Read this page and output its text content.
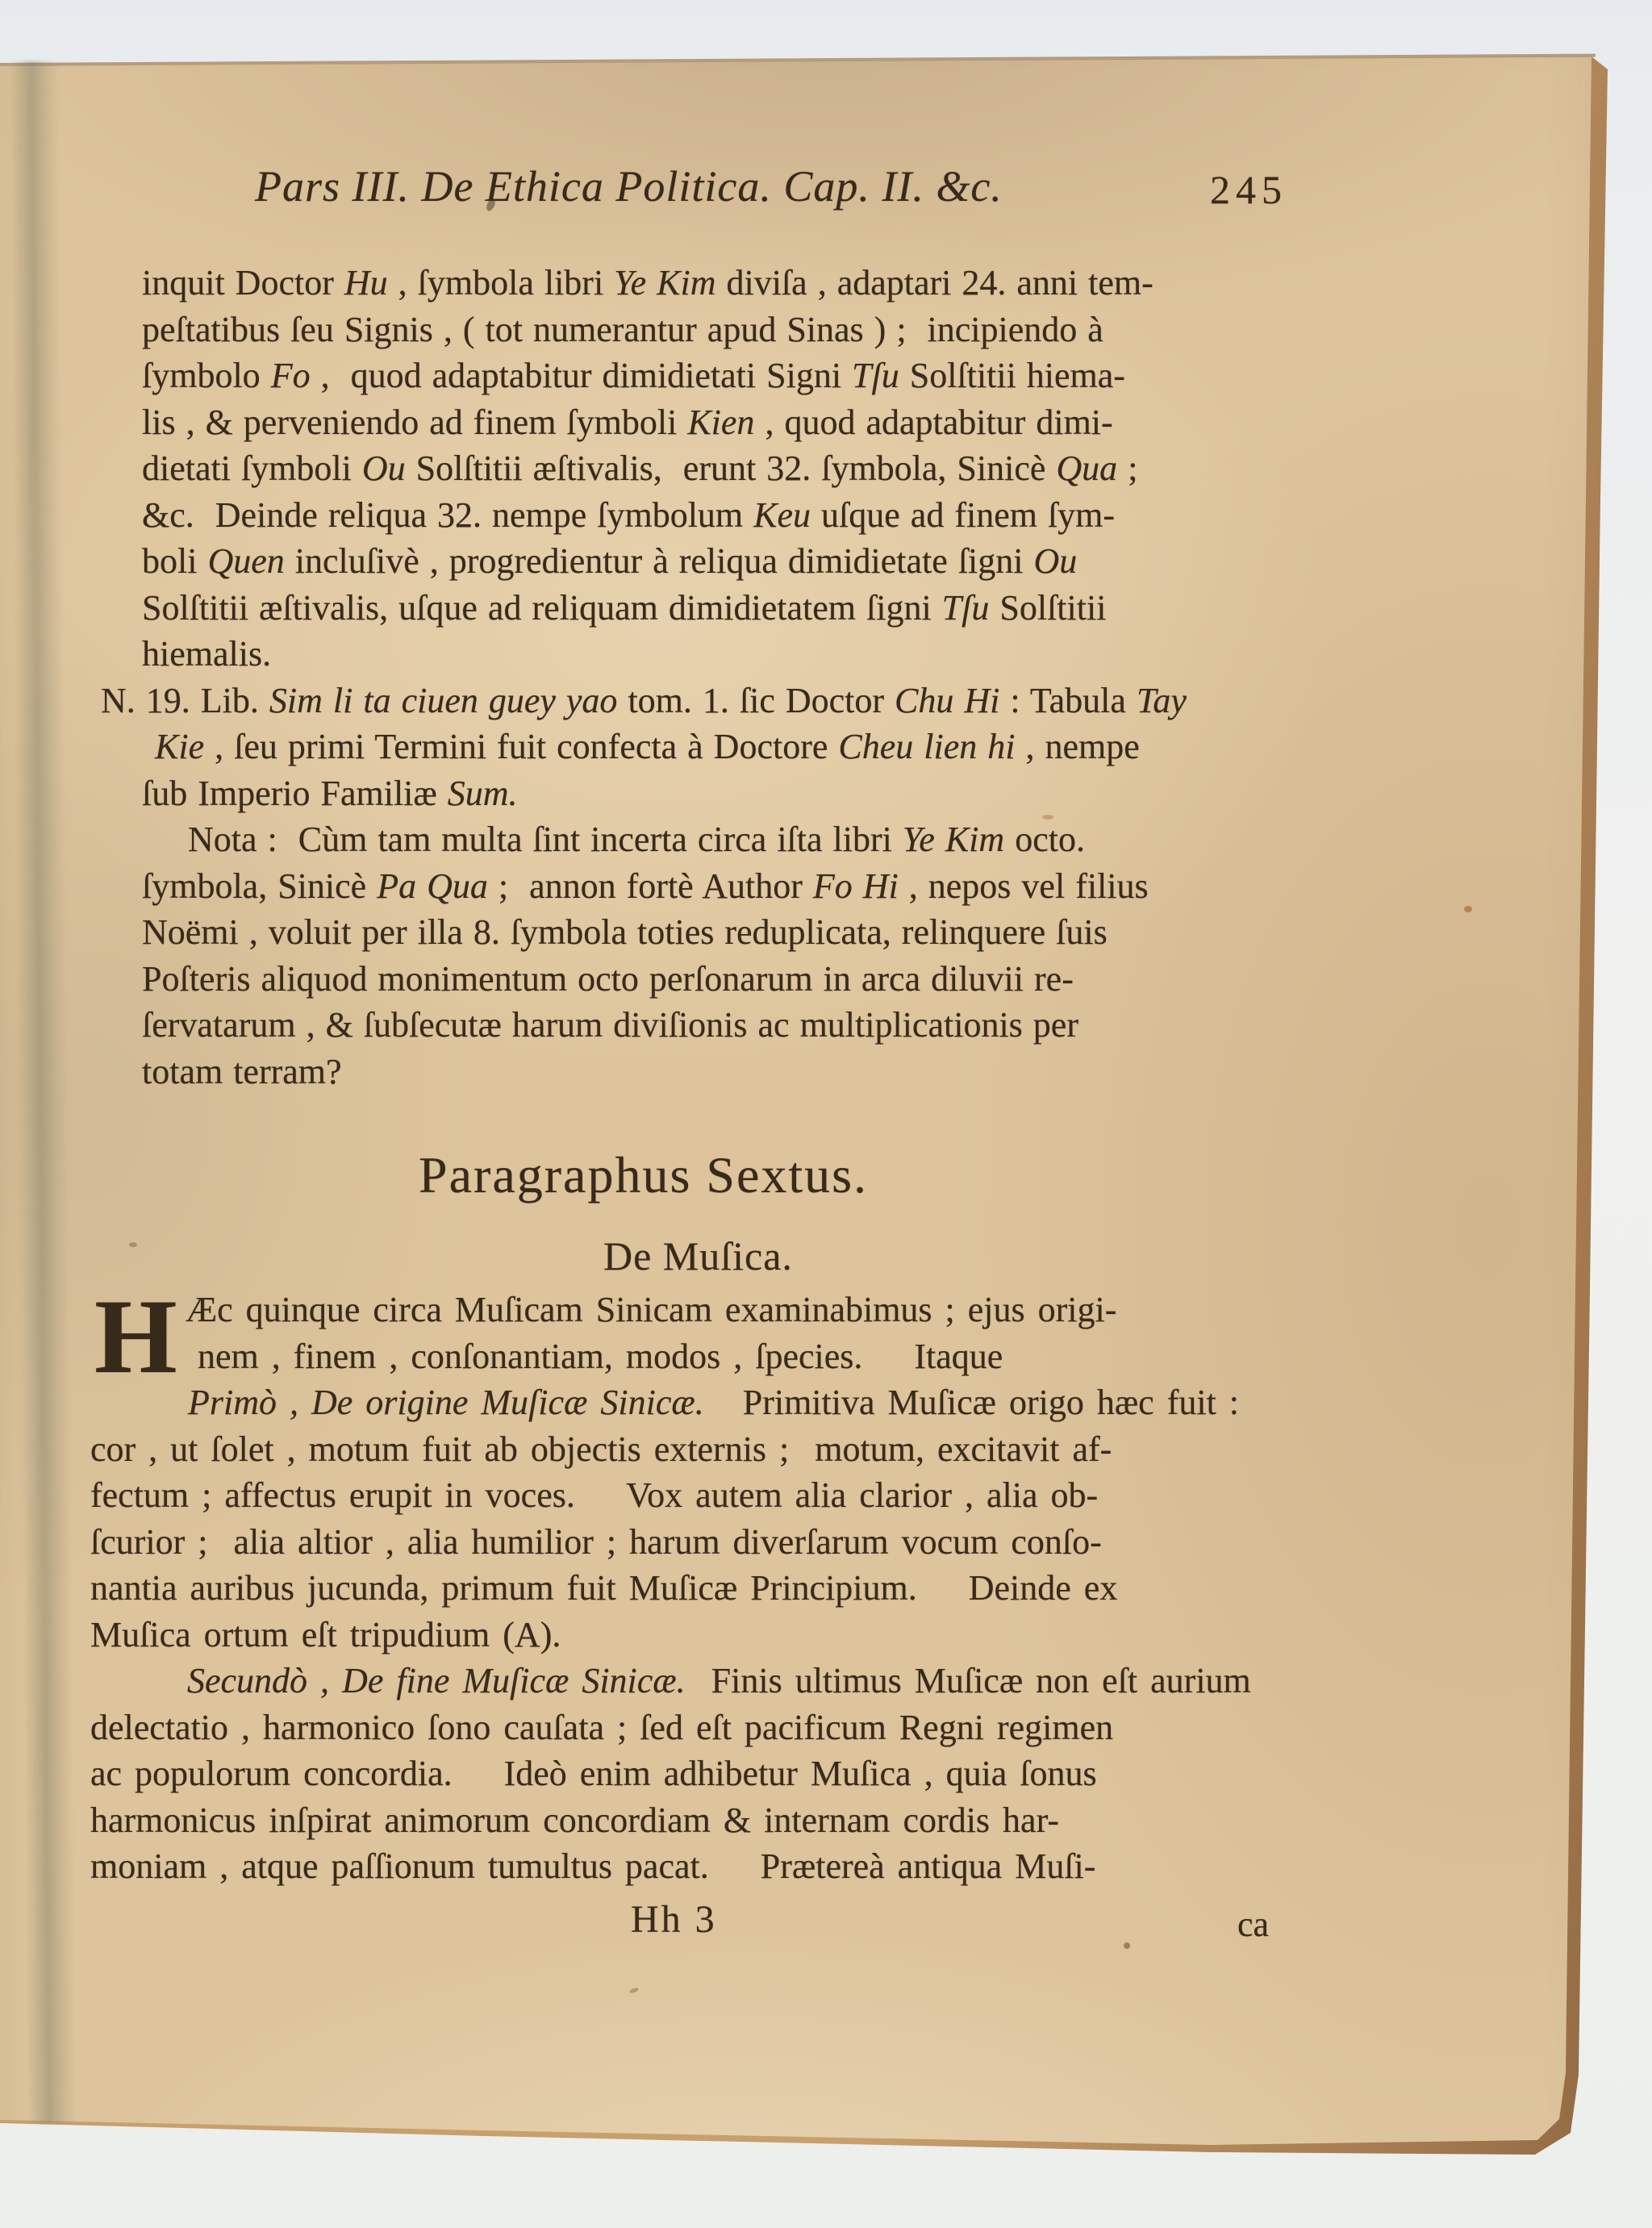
Pars III. De Ethica Politica. Cap. II. &c.	245
inquit Doctor Hu , ſymbola libri Ye Kim diviſa , adaptari 24. anni tem-
peſtatibus ſeu Signis , ( tot numerantur apud Sinas ) ;  incipiendo à
ſymbolo Fo ,  quod adaptabitur dimidietati Signi Tſu Solſtitii hiema-
lis , & perveniendo ad finem ſymboli Kien , quod adaptabitur dimi-
dietati ſymboli Ou Solſtitii æſtivalis,  erunt 32. ſymbola, Sinicè Qua ;
&c.  Deinde reliqua 32. nempe ſymbolum Keu uſque ad finem ſym-
boli Quen incluſivè , progredientur à reliqua dimidietate ſigni Ou
Solſtitii æſtivalis, uſque ad reliquam dimidietatem ſigni Tſu Solſtitii
hiemalis.
N. 19. Lib. Sim li ta ciuen guey yao tom. 1. ſic Doctor Chu Hi : Tabula Tay
Kie , ſeu primi Termini fuit confecta à Doctore Cheu lien hi , nempe
ſub Imperio Familiæ Sum.
Nota :  Cùm tam multa ſint incerta circa iſta libri Ye Kim octo.
ſymbola, Sinicè Pa Qua ;  annon fortè Author Fo Hi , nepos vel filius
Noëmi , voluit per illa 8. ſymbola toties reduplicata, relinquere ſuis
Poſteris aliquod monimentum octo perſonarum in arca diluvii re-
ſervatarum , & ſubſecutæ harum diviſionis ac multiplicationis per
totam terram?
Paragraphus Sextus.
De Muſica.
H Æc quinque circa Muſicam Sinicam examinabimus ; ejus origi-
nem , finem , conſonantiam, modos , ſpecies.    Itaque
Primò , De origine Muſicæ Sinicæ.   Primitiva Muſicæ origo hæc fuit :
cor , ut ſolet , motum fuit ab objectis externis ;  motum, excitavit af-
fectum ; affectus erupit in voces.    Vox autem alia clarior , alia ob-
ſcurior ;  alia altior , alia humilior ; harum diverſarum vocum conſo-
nantia auribus jucunda, primum fuit Muſicæ Principium.    Deinde ex
Muſica ortum eſt tripudium (A).
Secundò , De fine Muſicæ Sinicæ.  Finis ultimus Muſicæ non eſt aurium
delectatio , harmonico ſono cauſata ; ſed eſt pacificum Regni regimen
ac populorum concordia.    Ideò enim adhibetur Muſica , quia ſonus
harmonicus inſpirat animorum concordiam & internam cordis har-
moniam , atque paſſionum tumultus pacat.    Prætereà antiqua Muſi-
Hh 3	ca
